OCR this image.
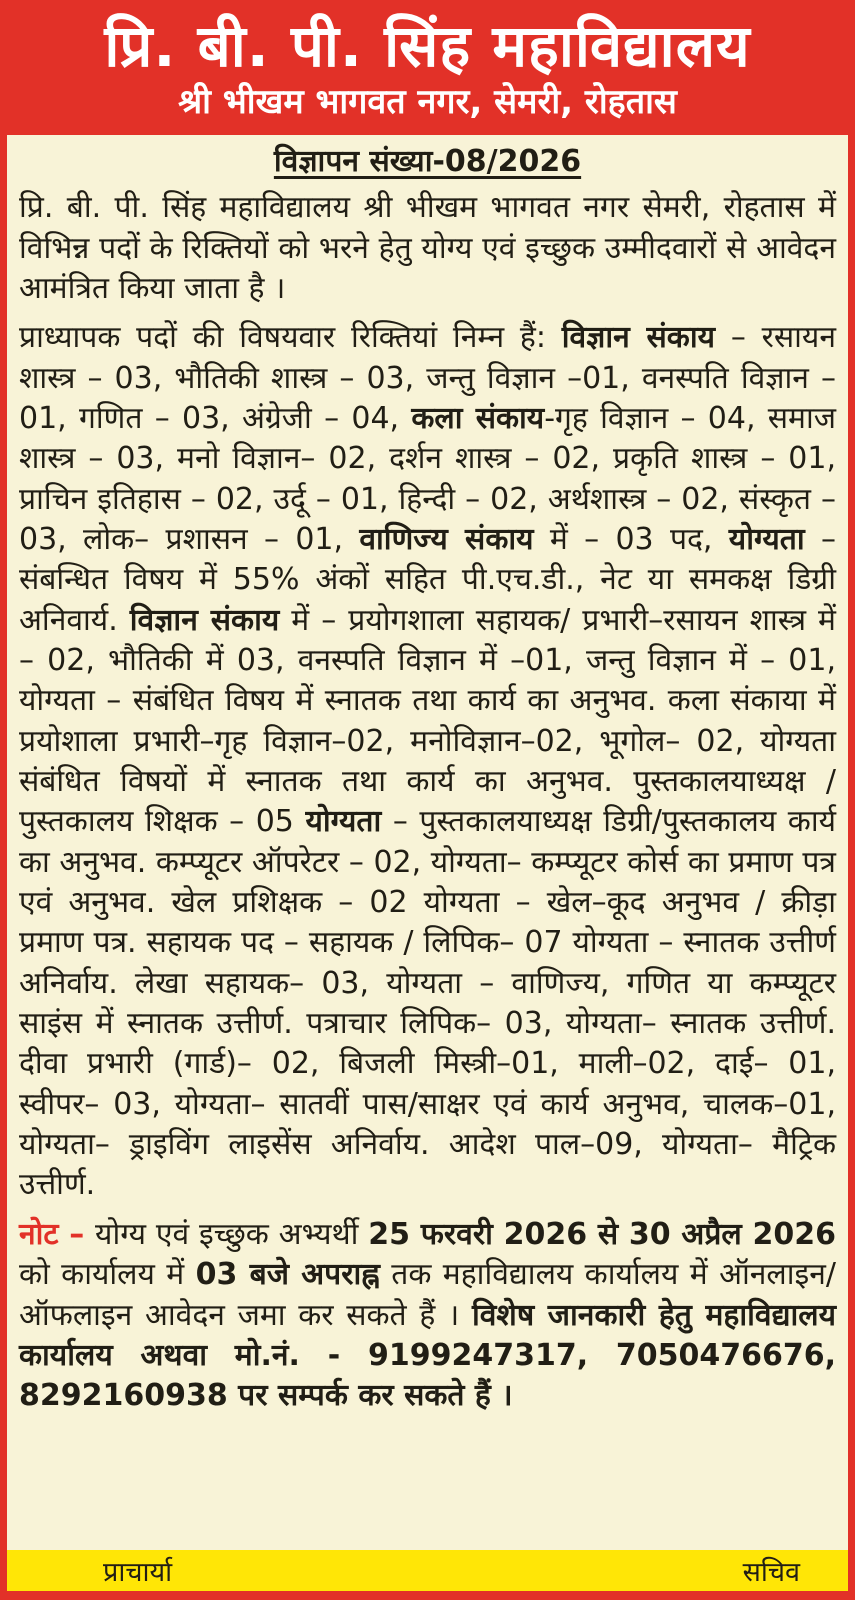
प्रि. बी. पी. सिंह महाविद्यालय
श्री भीखम भागवत नगर, सेमरी, रोहतास
विज्ञापन संख्या-08/2026

प्रि. बी. पी. सिंह महाविद्यालय श्री भीखम भागवत नगर सेमरी, रोहतास में विभिन्न पदों के रिक्तियों को भरने हेतु योग्य एवं इच्छुक उम्मीदवारों से आवेदन आमंत्रित किया जाता है ।

प्राध्यापक पदों की विषयवार रिक्तियां निम्न हैं: विज्ञान संकाय – रसायन शास्त्र – 03, भौतिकी शास्त्र – 03, जन्तु विज्ञान –01, वनस्पति विज्ञान – 01, गणित – 03, अंग्रेजी – 04, कला संकाय-गृह विज्ञान – 04, समाज शास्त्र – 03, मनो विज्ञान– 02, दर्शन शास्त्र – 02, प्रकृति शास्त्र – 01, प्राचिन इतिहास – 02, उर्दू – 01, हिन्दी – 02, अर्थशास्त्र – 02, संस्कृत – 03, लोक– प्रशासन – 01, वाणिज्य संकाय में – 03 पद, योग्यता – संबन्धित विषय में 55% अंकों सहित पी.एच.डी., नेट या समकक्ष डिग्री अनिवार्य. विज्ञान संकाय में – प्रयोगशाला सहायक/ प्रभारी–रसायन शास्त्र में – 02, भौतिकी में 03, वनस्पति विज्ञान में –01, जन्तु विज्ञान में – 01, योग्यता – संबंधित विषय में स्नातक तथा कार्य का अनुभव. कला संकाया में प्रयोशाला प्रभारी–गृह विज्ञान–02, मनोविज्ञान–02, भूगोल– 02, योग्यता संबंधित विषयों में स्नातक तथा कार्य का अनुभव. पुस्तकालयाध्यक्ष / पुस्तकालय शिक्षक – 05 योग्यता – पुस्तकालयाध्यक्ष डिग्री/पुस्तकालय कार्य का अनुभव. कम्प्यूटर ऑपरेटर – 02, योग्यता– कम्प्यूटर कोर्स का प्रमाण पत्र एवं अनुभव. खेल प्रशिक्षक – 02 योग्यता – खेल–कूद अनुभव / क्रीड़ा प्रमाण पत्र. सहायक पद – सहायक / लिपिक– 07 योग्यता – स्नातक उत्तीर्ण अनिर्वाय. लेखा सहायक– 03, योग्यता – वाणिज्य, गणित या कम्प्यूटर साइंस में स्नातक उत्तीर्ण. पत्राचार लिपिक– 03, योग्यता– स्नातक उत्तीर्ण. दीवा प्रभारी (गार्ड)– 02, बिजली मिस्त्री–01, माली–02, दाई– 01, स्वीपर– 03, योग्यता– सातवीं पास/साक्षर एवं कार्य अनुभव, चालक–01, योग्यता– ड्राइविंग लाइसेंस अनिर्वाय. आदेश पाल–09, योग्यता– मैट्रिक उत्तीर्ण.

नोट – योग्य एवं इच्छुक अभ्यर्थी 25 फरवरी 2026 से 30 अप्रैल 2026 को कार्यालय में 03 बजे अपराह्न तक महाविद्यालय कार्यालय में ऑनलाइन/ऑफलाइन आवेदन जमा कर सकते हैं । विशेष जानकारी हेतु महाविद्यालय कार्यालय अथवा मो.नं. - 9199247317, 7050476676, 8292160938 पर सम्पर्क कर सकते हैं ।

प्राचार्या	सचिव
